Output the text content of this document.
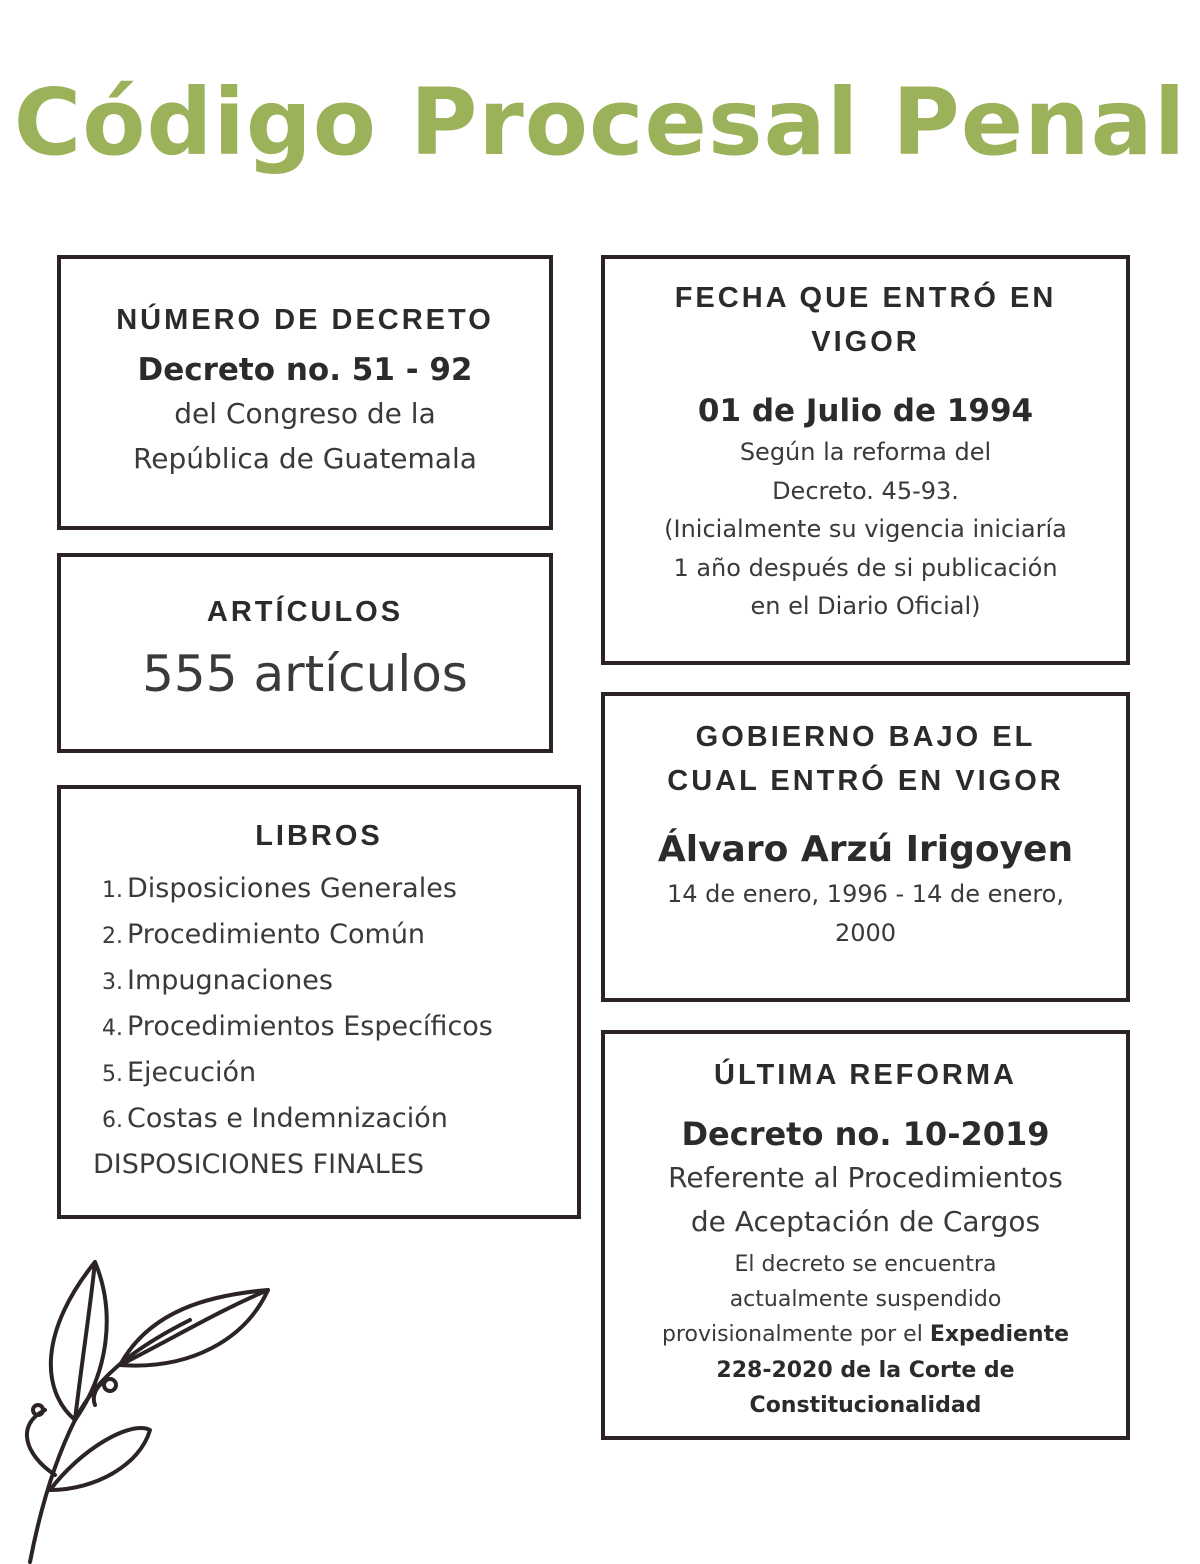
Código Procesal Penal
NÚMERO DE DECRETO
Decreto no. 51 - 92
del Congreso de la
República de Guatemala
ARTÍCULOS
555 artículos
LIBROS
1. Disposiciones Generales
2. Procedimiento Común
3. Impugnaciones
4. Procedimientos Específicos
5. Ejecución
6. Costas e Indemnización
DISPOSICIONES FINALES
FECHA QUE ENTRÓ EN
VIGOR
01 de Julio de 1994
Según la reforma del
Decreto. 45-93.
(Inicialmente su vigencia iniciaría
1 año después de si publicación
en el Diario Oficial)
GOBIERNO BAJO EL
CUAL ENTRÓ EN VIGOR
Álvaro Arzú Irigoyen
14 de enero, 1996 - 14 de enero,
2000
ÚLTIMA REFORMA
Decreto no. 10-2019
Referente al Procedimientos
de Aceptación de Cargos
El decreto se encuentra
actualmente suspendido
provisionalmente por el Expediente
228-2020 de la Corte de
Constitucionalidad
